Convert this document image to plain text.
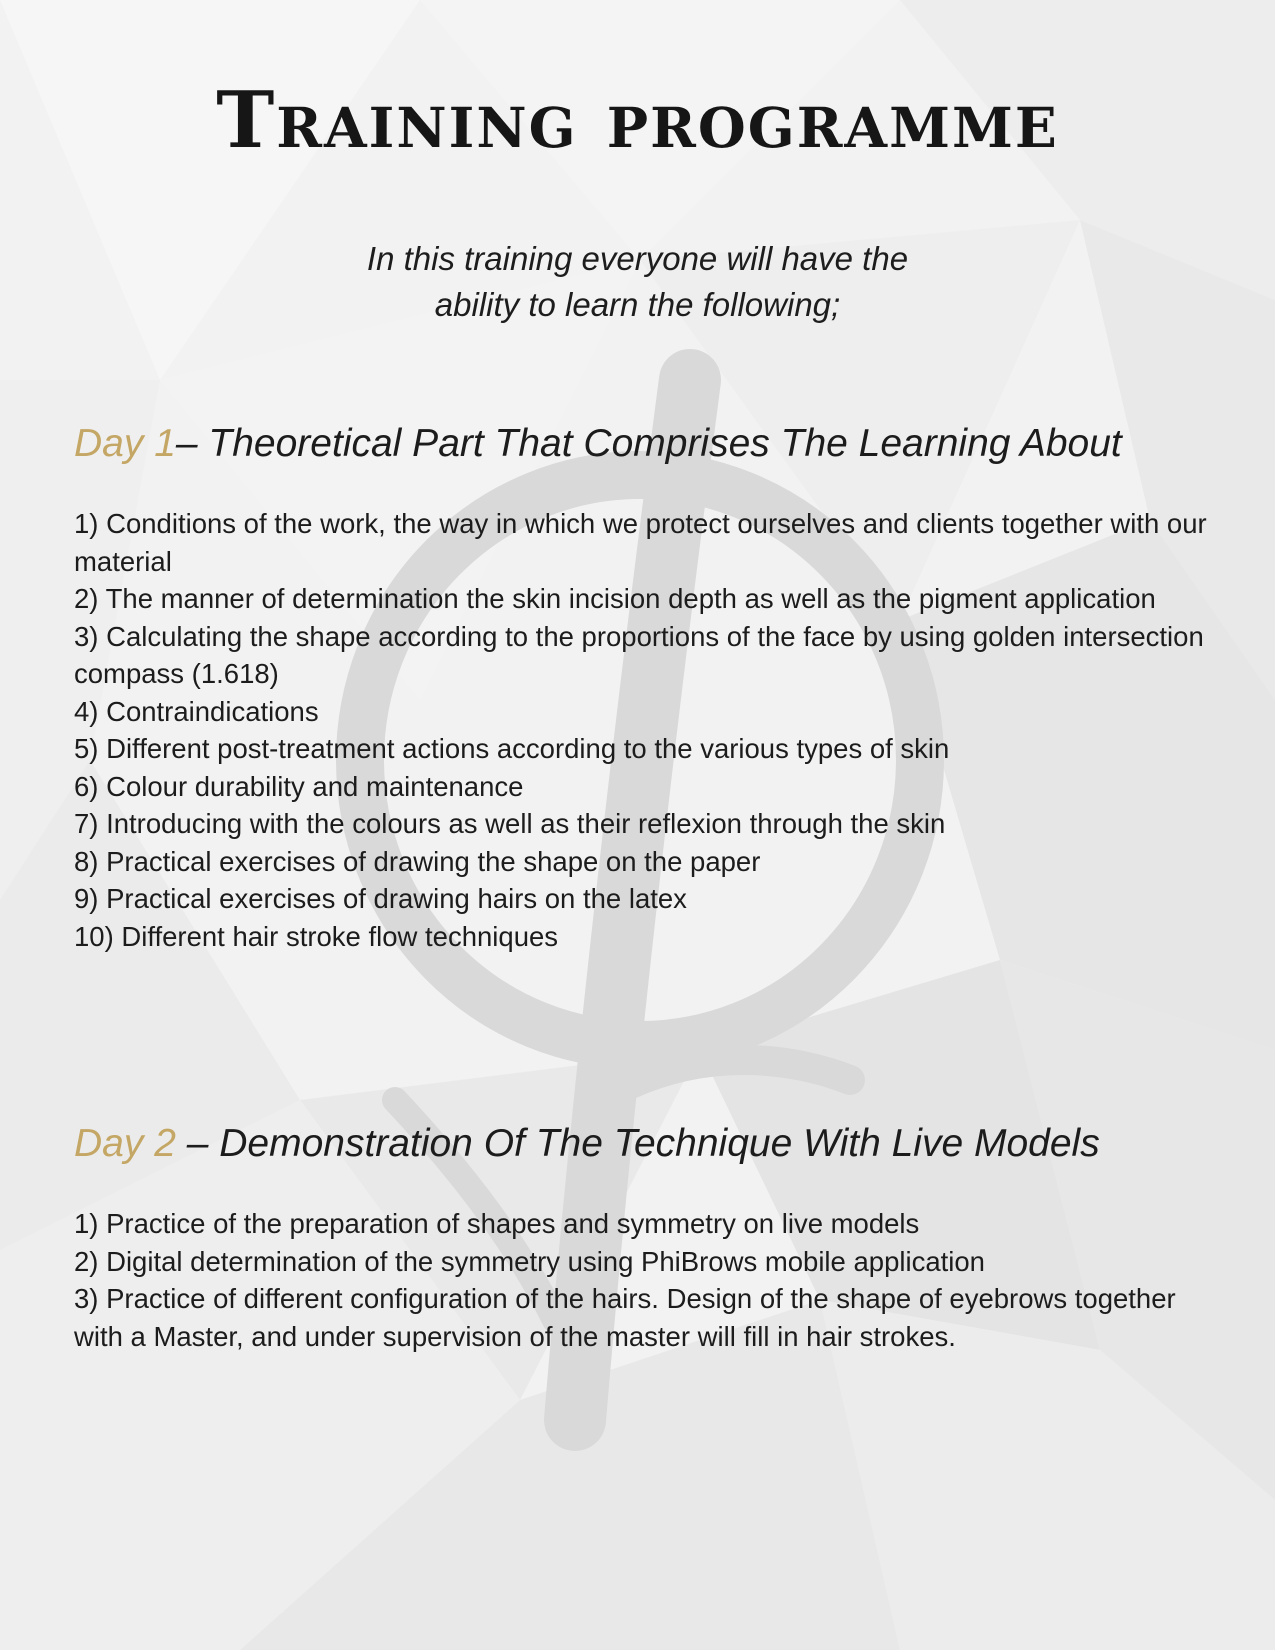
Training programme
In this training everyone will have the
ability to learn the following;
Day 1– Theoretical Part That Comprises The Learning About
1) Conditions of the work, the way in which we protect ourselves and clients together with our material
2) The manner of determination the skin incision depth as well as the pigment application
3) Calculating the shape according to the proportions of the face by using golden intersection compass (1.618)
4) Contraindications
5) Different post-treatment actions according to the various types of skin
6) Colour durability and maintenance
7) Introducing with the colours as well as their reflexion through the skin
8) Practical exercises of drawing the shape on the paper
9) Practical exercises of drawing hairs on the latex
10) Different hair stroke flow techniques
Day 2 – Demonstration Of The Technique With Live Models
1) Practice of the preparation of shapes and symmetry on live models
2) Digital determination of the symmetry using PhiBrows mobile application
3) Practice of different configuration of the hairs. Design of the shape of eyebrows together with a Master, and under supervision of the master will fill in hair strokes.
